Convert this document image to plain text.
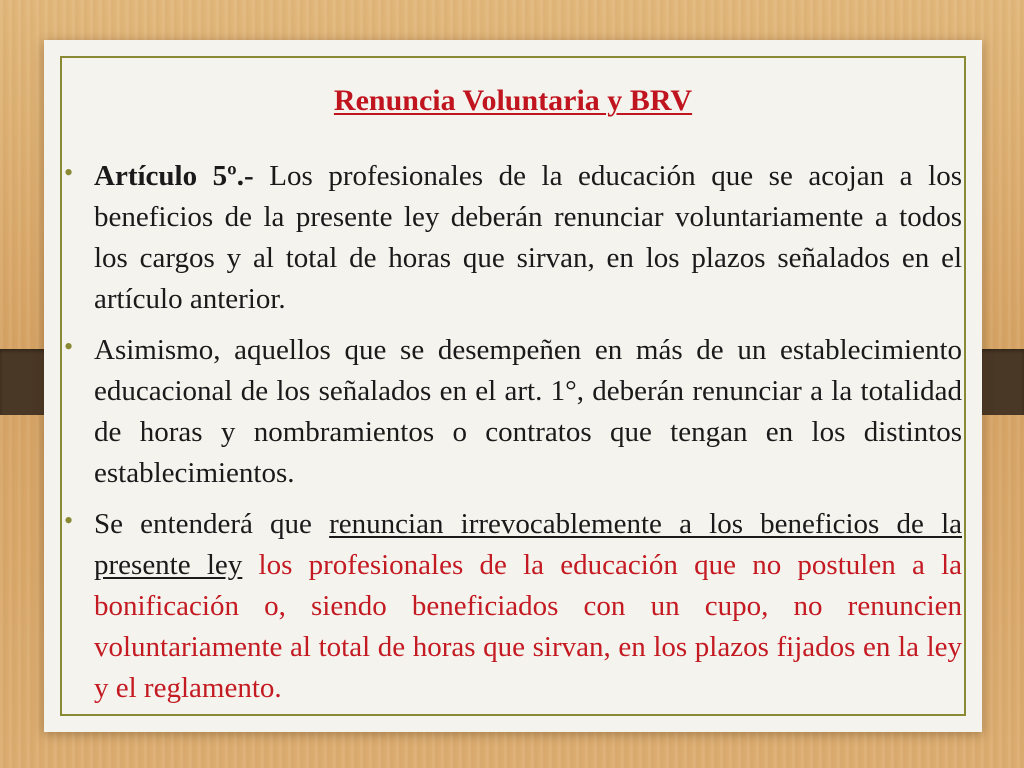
Renuncia Voluntaria y BRV
• Artículo 5º.- Los profesionales de la educación que se acojan a los beneficios de la presente ley deberán renunciar voluntariamente a todos los cargos y al total de horas que sirvan, en los plazos señalados en el artículo anterior.
• Asimismo, aquellos que se desempeñen en más de un establecimiento educacional de los señalados en el art. 1°, deberán renunciar a la totalidad de horas y nombramientos o contratos que tengan en los distintos establecimientos.
• Se entenderá que renuncian irrevocablemente a los beneficios de la presente ley los profesionales de la educación que no postulen a la bonificación o, siendo beneficiados con un cupo, no renuncien voluntariamente al total de horas que sirvan, en los plazos fijados en la ley y el reglamento.
